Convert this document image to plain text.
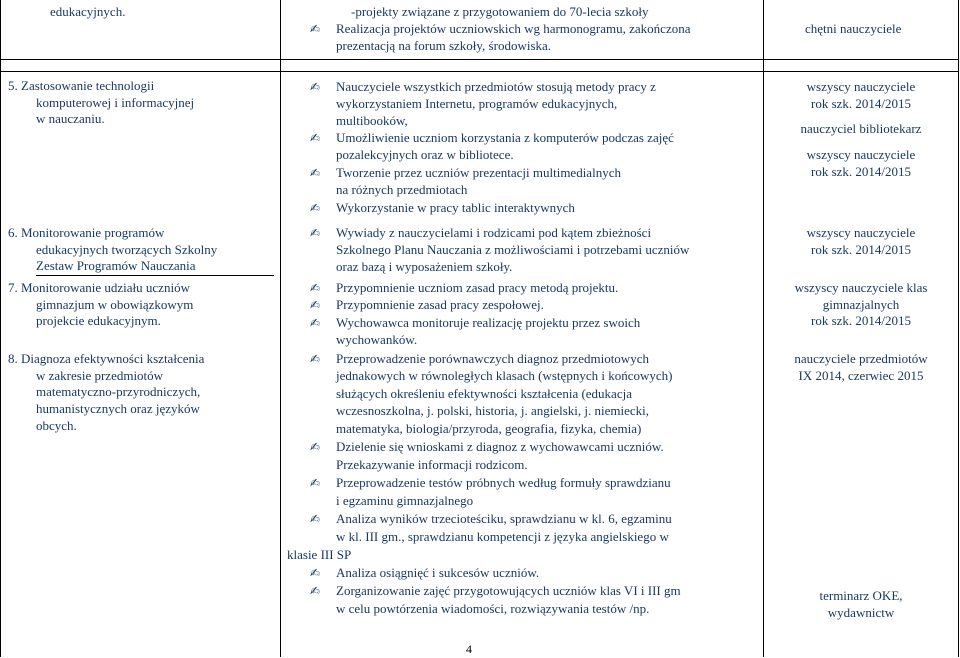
edukacyjnych.	-projekty związane z przygotowaniem do 70-lecia szkoły
✍ Realizacja projektów uczniowskich wg harmonogramu, zakończona
prezentacją na forum szkoły, środowiska.
chętni nauczyciele
5. Zastosowanie technologii
komputerowej i informacyjnej
w nauczaniu.
✍ Nauczyciele wszystkich przedmiotów stosują metody pracy z
wykorzystaniem Internetu, programów edukacyjnych,
multibooków,
✍ Umożliwienie uczniom korzystania z komputerów podczas zajęć
pozalekcyjnych oraz w bibliotece.
✍ Tworzenie przez uczniów prezentacji multimedialnych
na różnych przedmiotach
✍ Wykorzystanie w pracy tablic interaktywnych
wszyscy nauczyciele
rok szk. 2014/2015
nauczyciel bibliotekarz
wszyscy nauczyciele
rok szk. 2014/2015
6. Monitorowanie programów
edukacyjnych tworzących Szkolny
Zestaw Programów Nauczania
✍ Wywiady z nauczycielami i rodzicami pod kątem zbieżności
Szkolnego Planu Nauczania z możliwościami i potrzebami uczniów
oraz bazą i wyposażeniem szkoły.
wszyscy nauczyciele
rok szk. 2014/2015
7. Monitorowanie udziału uczniów
gimnazjum w obowiązkowym
projekcie edukacyjnym.
✍ Przypomnienie uczniom zasad pracy metodą projektu.
✍ Przypomnienie zasad pracy zespołowej.
✍ Wychowawca monitoruje realizację projektu przez swoich
wychowanków.
wszyscy nauczyciele klas
gimnazjalnych
rok szk. 2014/2015
8. Diagnoza efektywności kształcenia
w zakresie przedmiotów
matematyczno-przyrodniczych,
humanistycznych oraz języków
obcych.
✍ Przeprowadzenie porównawczych diagnoz przedmiotowych
jednakowych w równoległych klasach (wstępnych i końcowych)
służących określeniu efektywności kształcenia (edukacja
wczesnoszkolna, j. polski, historia, j. angielski, j. niemiecki,
matematyka, biologia/przyroda, geografia, fizyka, chemia)
✍ Dzielenie się wnioskami z diagnoz z wychowawcami uczniów.
Przekazywanie informacji rodzicom.
✍ Przeprowadzenie testów próbnych według formuły sprawdzianu
i egzaminu gimnazjalnego
✍ Analiza wyników trzecioteściku, sprawdzianu w kl. 6, egzaminu
w kl. III gm., sprawdzianu kompetencji z języka angielskiego w
klasie III SP
✍ Analiza osiągnięć i sukcesów uczniów.
✍ Zorganizowanie zajęć przygotowujących uczniów klas VI i III gm
w celu powtórzenia wiadomości, rozwiązywania testów /np.
nauczyciele przedmiotów
IX 2014, czerwiec 2015
terminarz OKE,
wydawnictw
4
